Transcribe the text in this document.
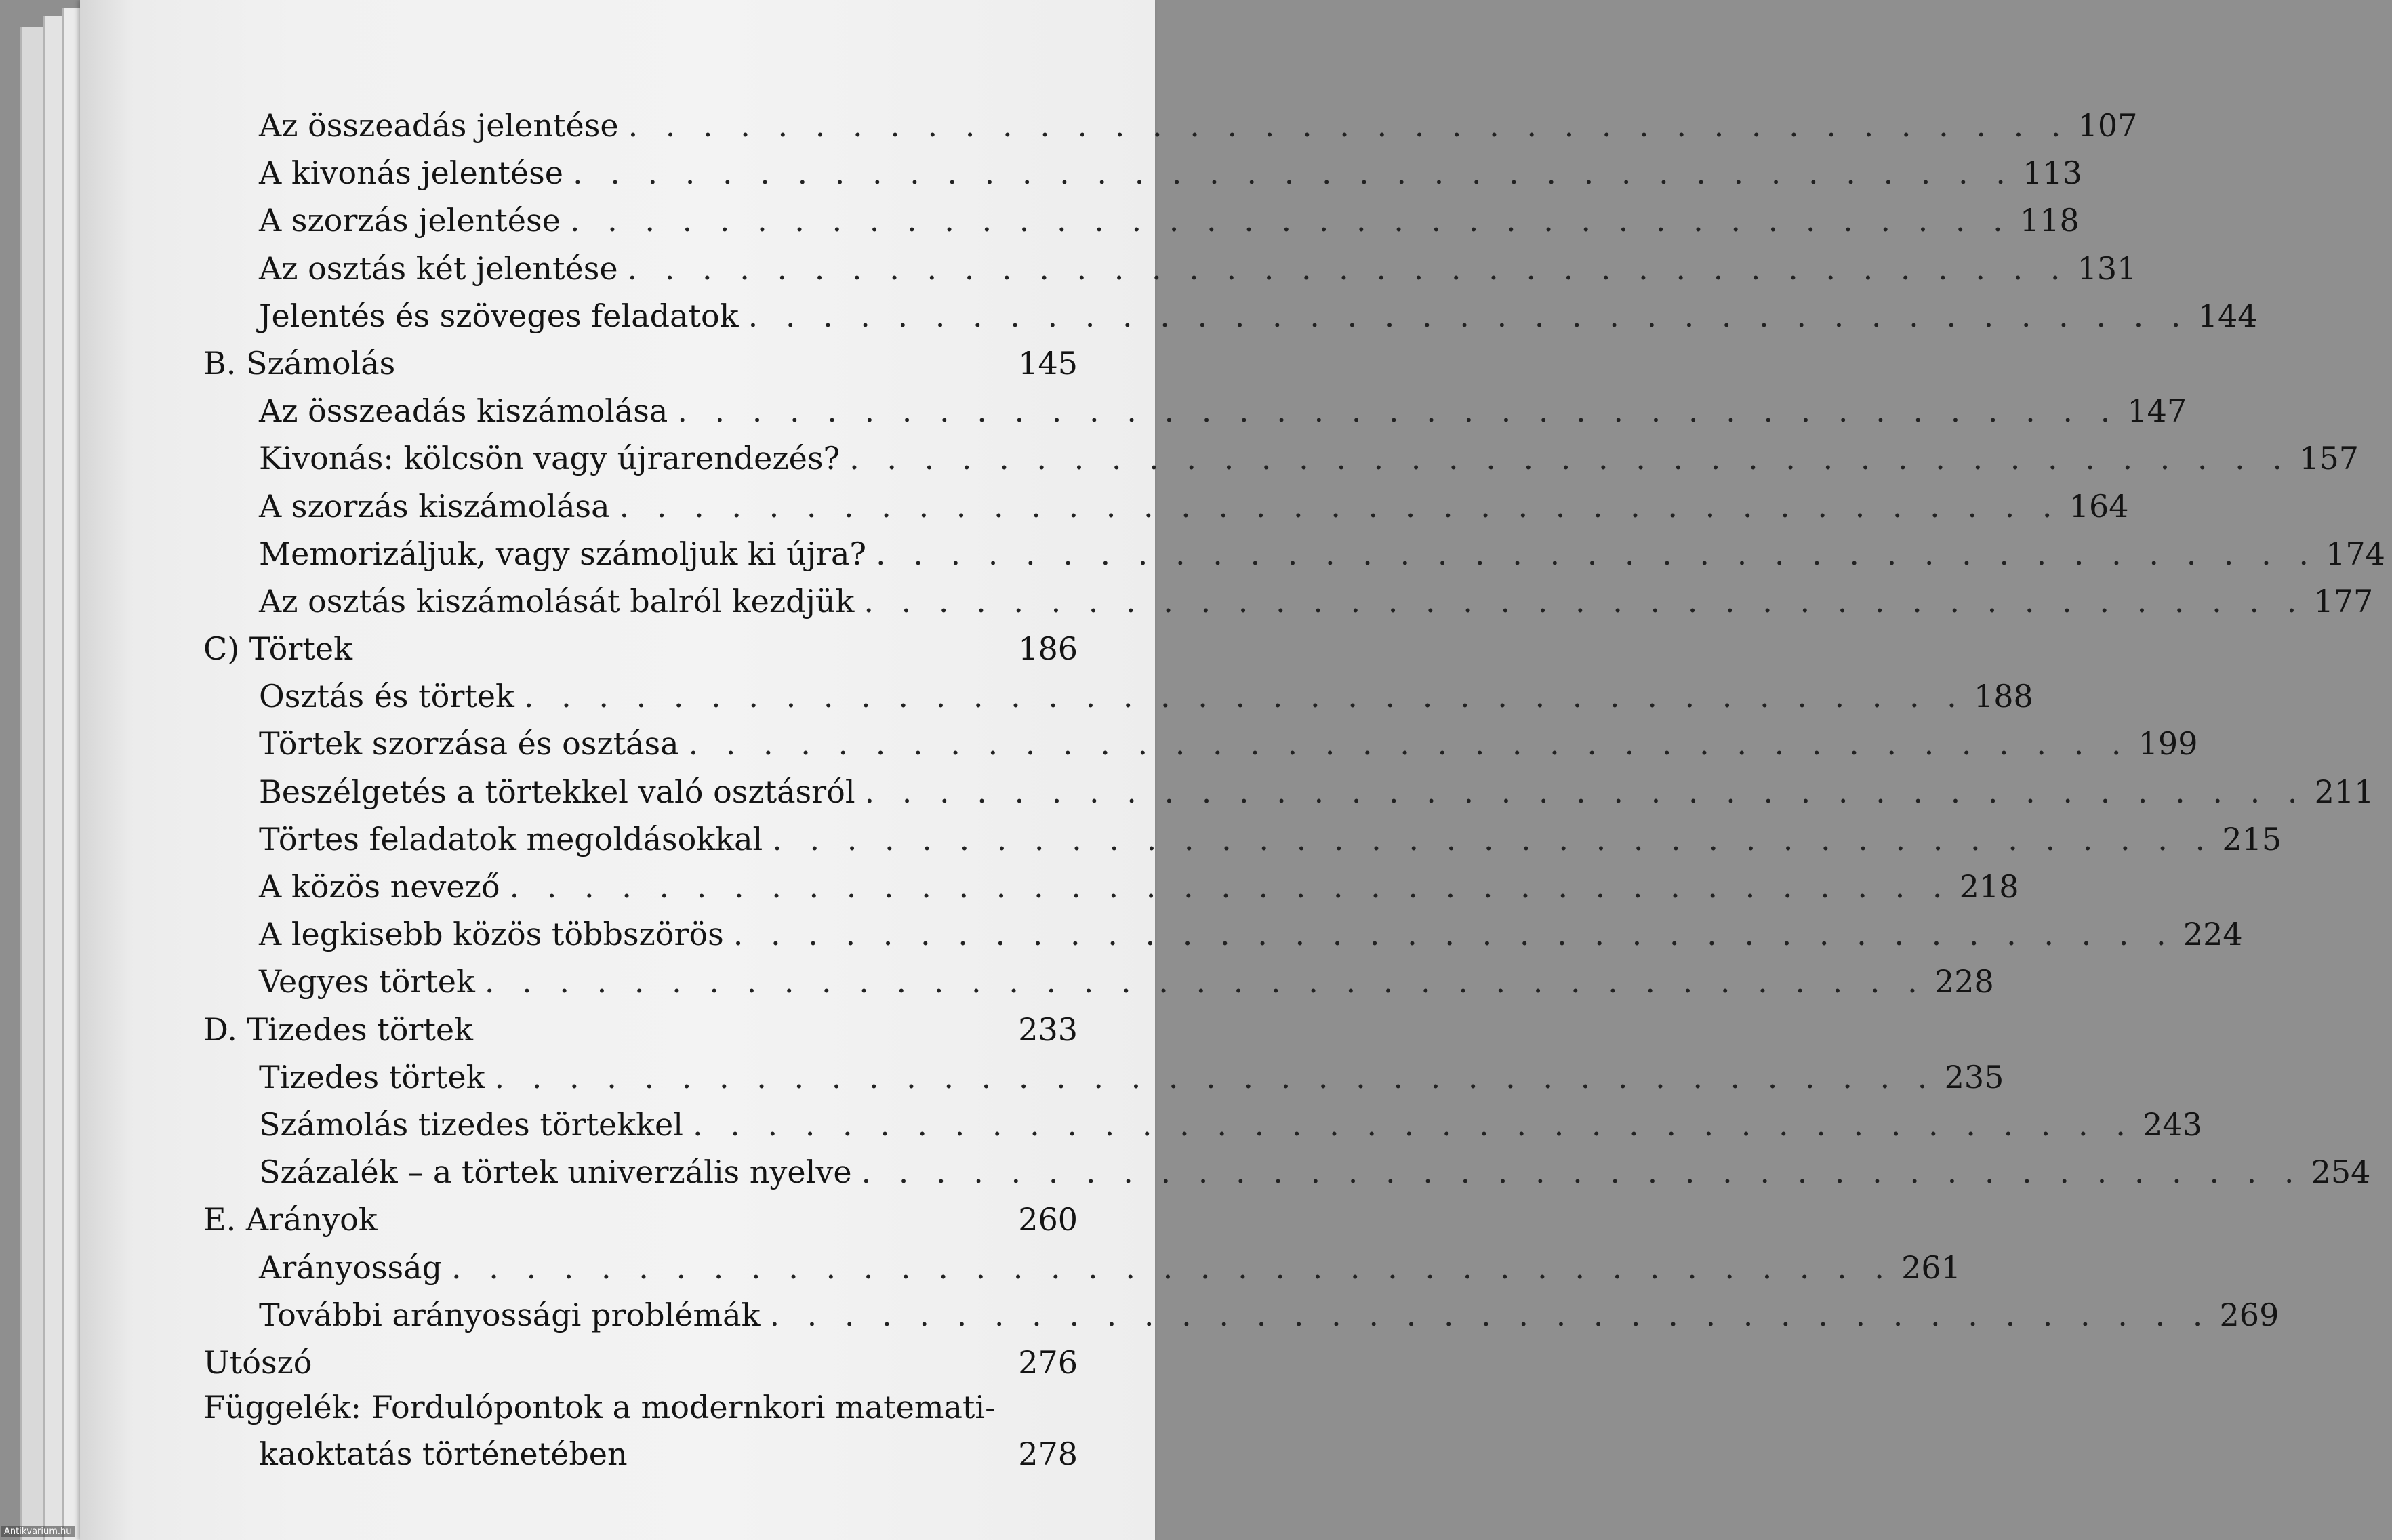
Az összeadás jelentése . . . . . . . . . . . . . . . . . . . . . . . . . . . . . . . . . . . . . . . 107
A kivonás jelentése . . . . . . . . . . . . . . . . . . . . . . . . . . . . . . . . . . . . . . . 113
A szorzás jelentése . . . . . . . . . . . . . . . . . . . . . . . . . . . . . . . . . . . . . . . 118
Az osztás két jelentése . . . . . . . . . . . . . . . . . . . . . . . . . . . . . . . . . . . . . . . 131
Jelentés és szöveges feladatok . . . . . . . . . . . . . . . . . . . . . . . . . . . . . . . . . . . . . . . 144
B. Számolás	145
Az összeadás kiszámolása . . . . . . . . . . . . . . . . . . . . . . . . . . . . . . . . . . . . . . . 147
Kivonás: kölcsön vagy újrarendezés? . . . . . . . . . . . . . . . . . . . . . . . . . . . . . . . . . . . . . . . 157
A szorzás kiszámolása . . . . . . . . . . . . . . . . . . . . . . . . . . . . . . . . . . . . . . . 164
Memorizáljuk, vagy számoljuk ki újra? . . . . . . . . . . . . . . . . . . . . . . . . . . . . . . . . . . . . . . . 174
Az osztás kiszámolását balról kezdjük . . . . . . . . . . . . . . . . . . . . . . . . . . . . . . . . . . . . . . . 177
C) Törtek	186
Osztás és törtek . . . . . . . . . . . . . . . . . . . . . . . . . . . . . . . . . . . . . . . 188
Törtek szorzása és osztása . . . . . . . . . . . . . . . . . . . . . . . . . . . . . . . . . . . . . . . 199
Beszélgetés a törtekkel való osztásról . . . . . . . . . . . . . . . . . . . . . . . . . . . . . . . . . . . . . . . 211
Törtes feladatok megoldásokkal . . . . . . . . . . . . . . . . . . . . . . . . . . . . . . . . . . . . . . . 215
A közös nevező . . . . . . . . . . . . . . . . . . . . . . . . . . . . . . . . . . . . . . . 218
A legkisebb közös többszörös . . . . . . . . . . . . . . . . . . . . . . . . . . . . . . . . . . . . . . . 224
Vegyes törtek . . . . . . . . . . . . . . . . . . . . . . . . . . . . . . . . . . . . . . . 228
D. Tizedes törtek	233
Tizedes törtek . . . . . . . . . . . . . . . . . . . . . . . . . . . . . . . . . . . . . . . 235
Számolás tizedes törtekkel . . . . . . . . . . . . . . . . . . . . . . . . . . . . . . . . . . . . . . . 243
Százalék – a törtek univerzális nyelve . . . . . . . . . . . . . . . . . . . . . . . . . . . . . . . . . . . . . . . 254
E. Arányok	260
Arányosság . . . . . . . . . . . . . . . . . . . . . . . . . . . . . . . . . . . . . . . 261
További arányossági problémák . . . . . . . . . . . . . . . . . . . . . . . . . . . . . . . . . . . . . . . 269
Utószó	276
Függelék: Fordulópontok a modernkori matemati-
kaoktatás történetében	278
Antikvarium.hu
